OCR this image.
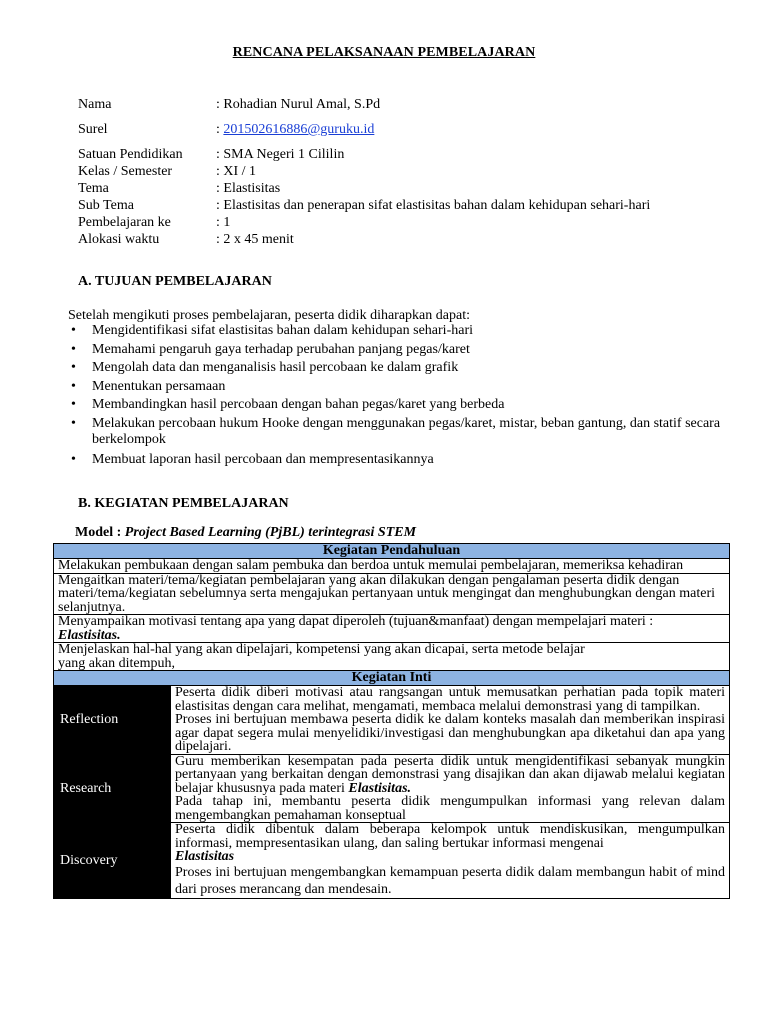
RENCANA PELAKSANAAN PEMBELAJARAN
Nama	: Rohadian Nurul Amal, S.Pd
Surel	: 201502616886@guruku.id
Satuan Pendidikan	: SMA Negeri 1 Cililin
Kelas / Semester	: XI / 1
Tema	: Elastisitas
Sub Tema	: Elastisitas dan penerapan sifat elastisitas bahan dalam kehidupan sehari-hari
Pembelajaran ke	: 1
Alokasi waktu	: 2 x 45 menit
A. TUJUAN PEMBELAJARAN
Setelah mengikuti proses pembelajaran, peserta didik diharapkan dapat:
• Mengidentifikasi sifat elastisitas bahan dalam kehidupan sehari-hari
• Memahami pengaruh gaya terhadap perubahan panjang pegas/karet
• Mengolah data dan menganalisis hasil percobaan ke dalam grafik
• Menentukan persamaan
• Membandingkan hasil percobaan dengan bahan pegas/karet yang berbeda
• Melakukan percobaan hukum Hooke dengan menggunakan pegas/karet, mistar, beban gantung, dan statif secara berkelompok
• Membuat laporan hasil percobaan dan mempresentasikannya
B. KEGIATAN PEMBELAJARAN
Model : Project Based Learning (PjBL) terintegrasi STEM
Kegiatan Pendahuluan	
Melakukan pembukaan dengan salam pembuka dan berdoa untuk memulai pembelajaran, memeriksa kehadiran	
Mengaitkan materi/tema/kegiatan pembelajaran yang akan dilakukan dengan pengalaman peserta didik dengan materi/tema/kegiatan sebelumnya serta mengajukan pertanyaan untuk mengingat dan menghubungkan dengan materi selanjutnya.	
Menyampaikan motivasi tentang apa yang dapat diperoleh (tujuan&manfaat) dengan mempelajari materi :
Elastisitas.	
Menjelaskan hal-hal yang akan dipelajari, kompetensi yang akan dicapai, serta metode belajar
yang akan ditempuh,	
Kegiatan Inti	
Reflection	Peserta didik diberi motivasi atau rangsangan untuk memusatkan perhatian pada topik materi elastisitas dengan cara melihat, mengamati, membaca melalui demonstrasi yang di tampilkan.
Proses ini bertujuan membawa peserta didik ke dalam konteks masalah dan memberikan inspirasi agar dapat segera mulai menyelidiki/investigasi dan menghubungkan apa diketahui dan apa yang dipelajari.

Research	Guru memberikan kesempatan pada peserta didik untuk mengidentifikasi sebanyak mungkin pertanyaan yang berkaitan dengan demonstrasi yang disajikan dan akan dijawab melalui kegiatan belajar khususnya pada materi Elastisitas.
Pada tahap ini, membantu peserta didik mengumpulkan informasi yang relevan dalam mengembangkan pemahaman konseptual

Discovery	Peserta didik dibentuk dalam beberapa kelompok untuk mendiskusikan, mengumpulkan informasi, mempresentasikan ulang, dan saling bertukar informasi mengenai
Elastisitas
Proses ini bertujuan mengembangkan kemampuan peserta didik dalam membangun habit of mind dari proses merancang dan mendesain.
